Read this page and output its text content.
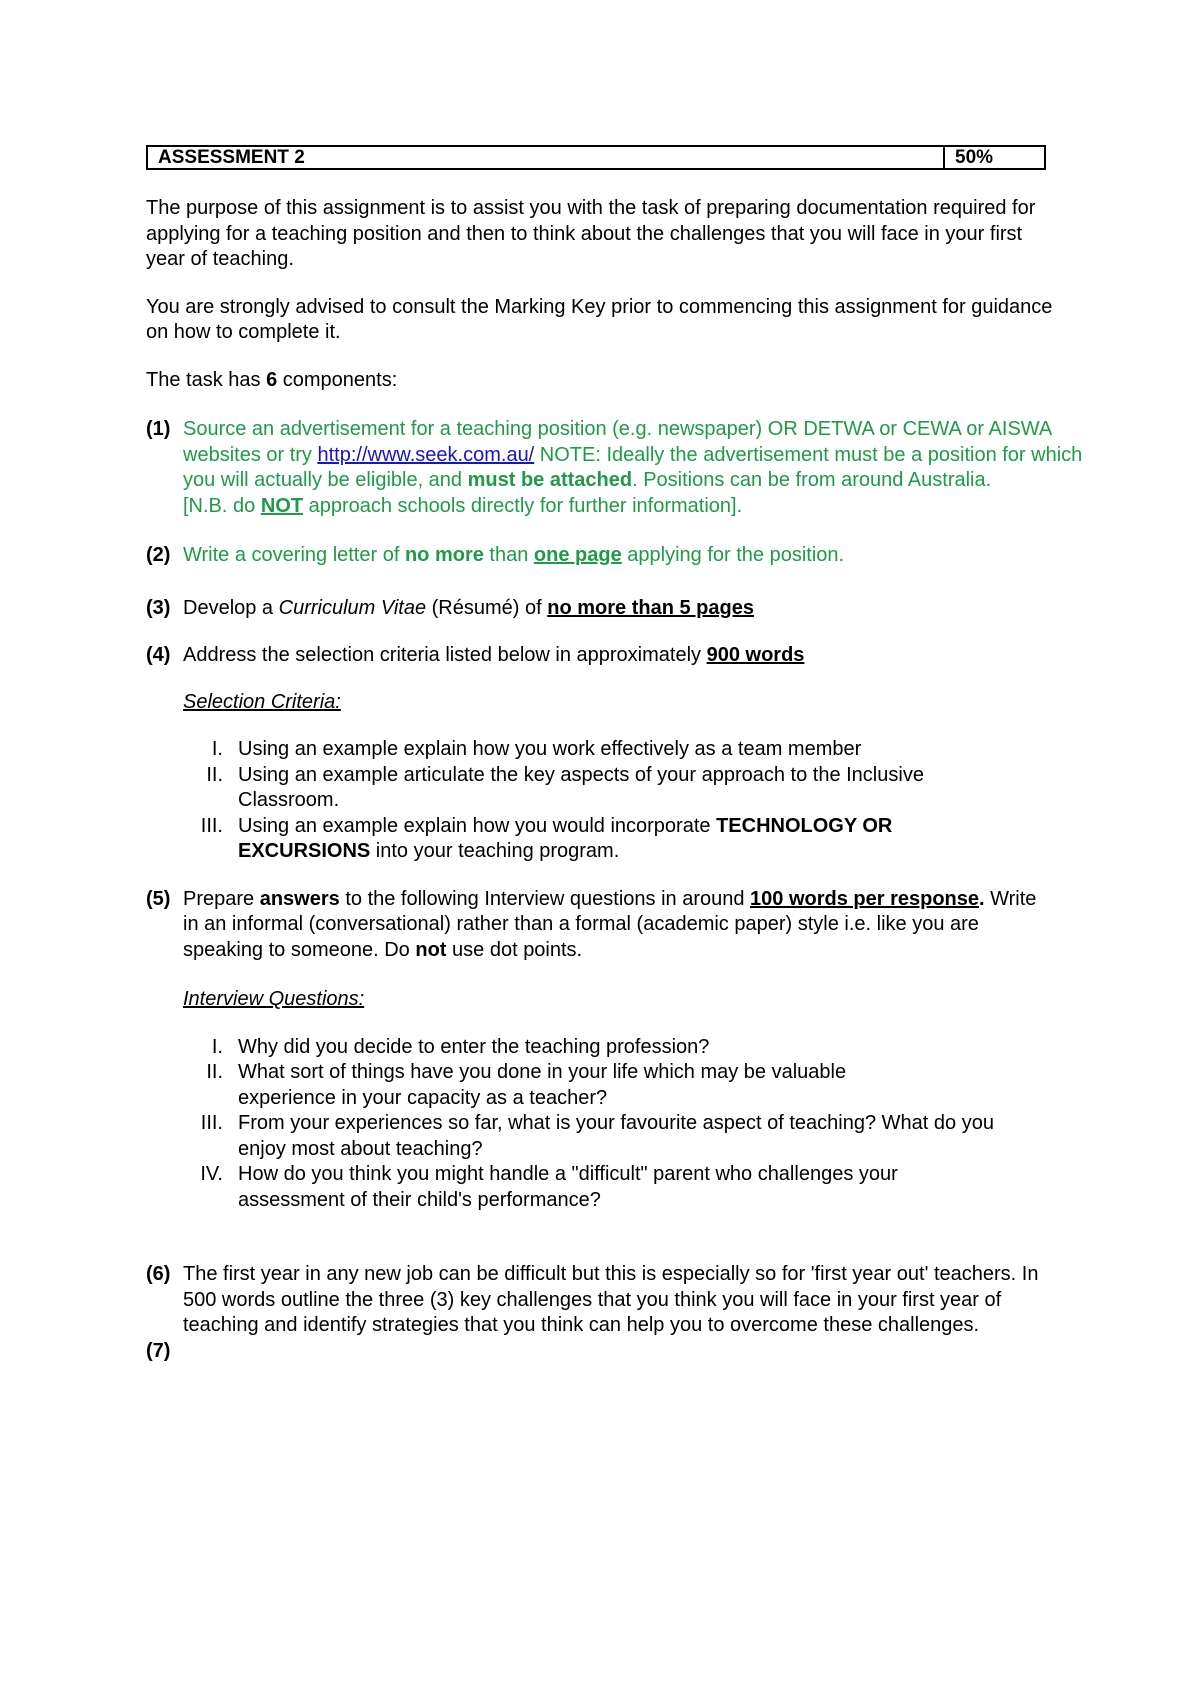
ASSESSMENT 2	50%

The purpose of this assignment is to assist you with the task of preparing documentation required for applying for a teaching position and then to think about the challenges that you will face in your first year of teaching.

You are strongly advised to consult the Marking Key prior to commencing this assignment for guidance on how to complete it.

The task has 6 components:

(1) Source an advertisement for a teaching position (e.g. newspaper) OR DETWA or CEWA or AISWA websites or try http://www.seek.com.au/ NOTE: Ideally the advertisement must be a position for which you will actually be eligible, and must be attached. Positions can be from around Australia.
[N.B. do NOT approach schools directly for further information].
(2) Write a covering letter of no more than one page applying for the position.
(3) Develop a Curriculum Vitae (Résumé) of no more than 5 pages
(4) Address the selection criteria listed below in approximately 900 words
Selection Criteria:
I. Using an example explain how you work effectively as a team member
II. Using an example articulate the key aspects of your approach to the Inclusive Classroom.
III. Using an example explain how you would incorporate TECHNOLOGY OR EXCURSIONS into your teaching program.
(5) Prepare answers to the following Interview questions in around 100 words per response. Write in an informal (conversational) rather than a formal (academic paper) style i.e. like you are speaking to someone. Do not use dot points.
Interview Questions:
I. Why did you decide to enter the teaching profession?
II. What sort of things have you done in your life which may be valuable experience in your capacity as a teacher?
III. From your experiences so far, what is your favourite aspect of teaching? What do you enjoy most about teaching?
IV. How do you think you might handle a "difficult" parent who challenges your assessment of their child's performance?
(6) The first year in any new job can be difficult but this is especially so for 'first year out' teachers. In 500 words outline the three (3) key challenges that you think you will face in your first year of teaching and identify strategies that you think can help you to overcome these challenges.
(7)
